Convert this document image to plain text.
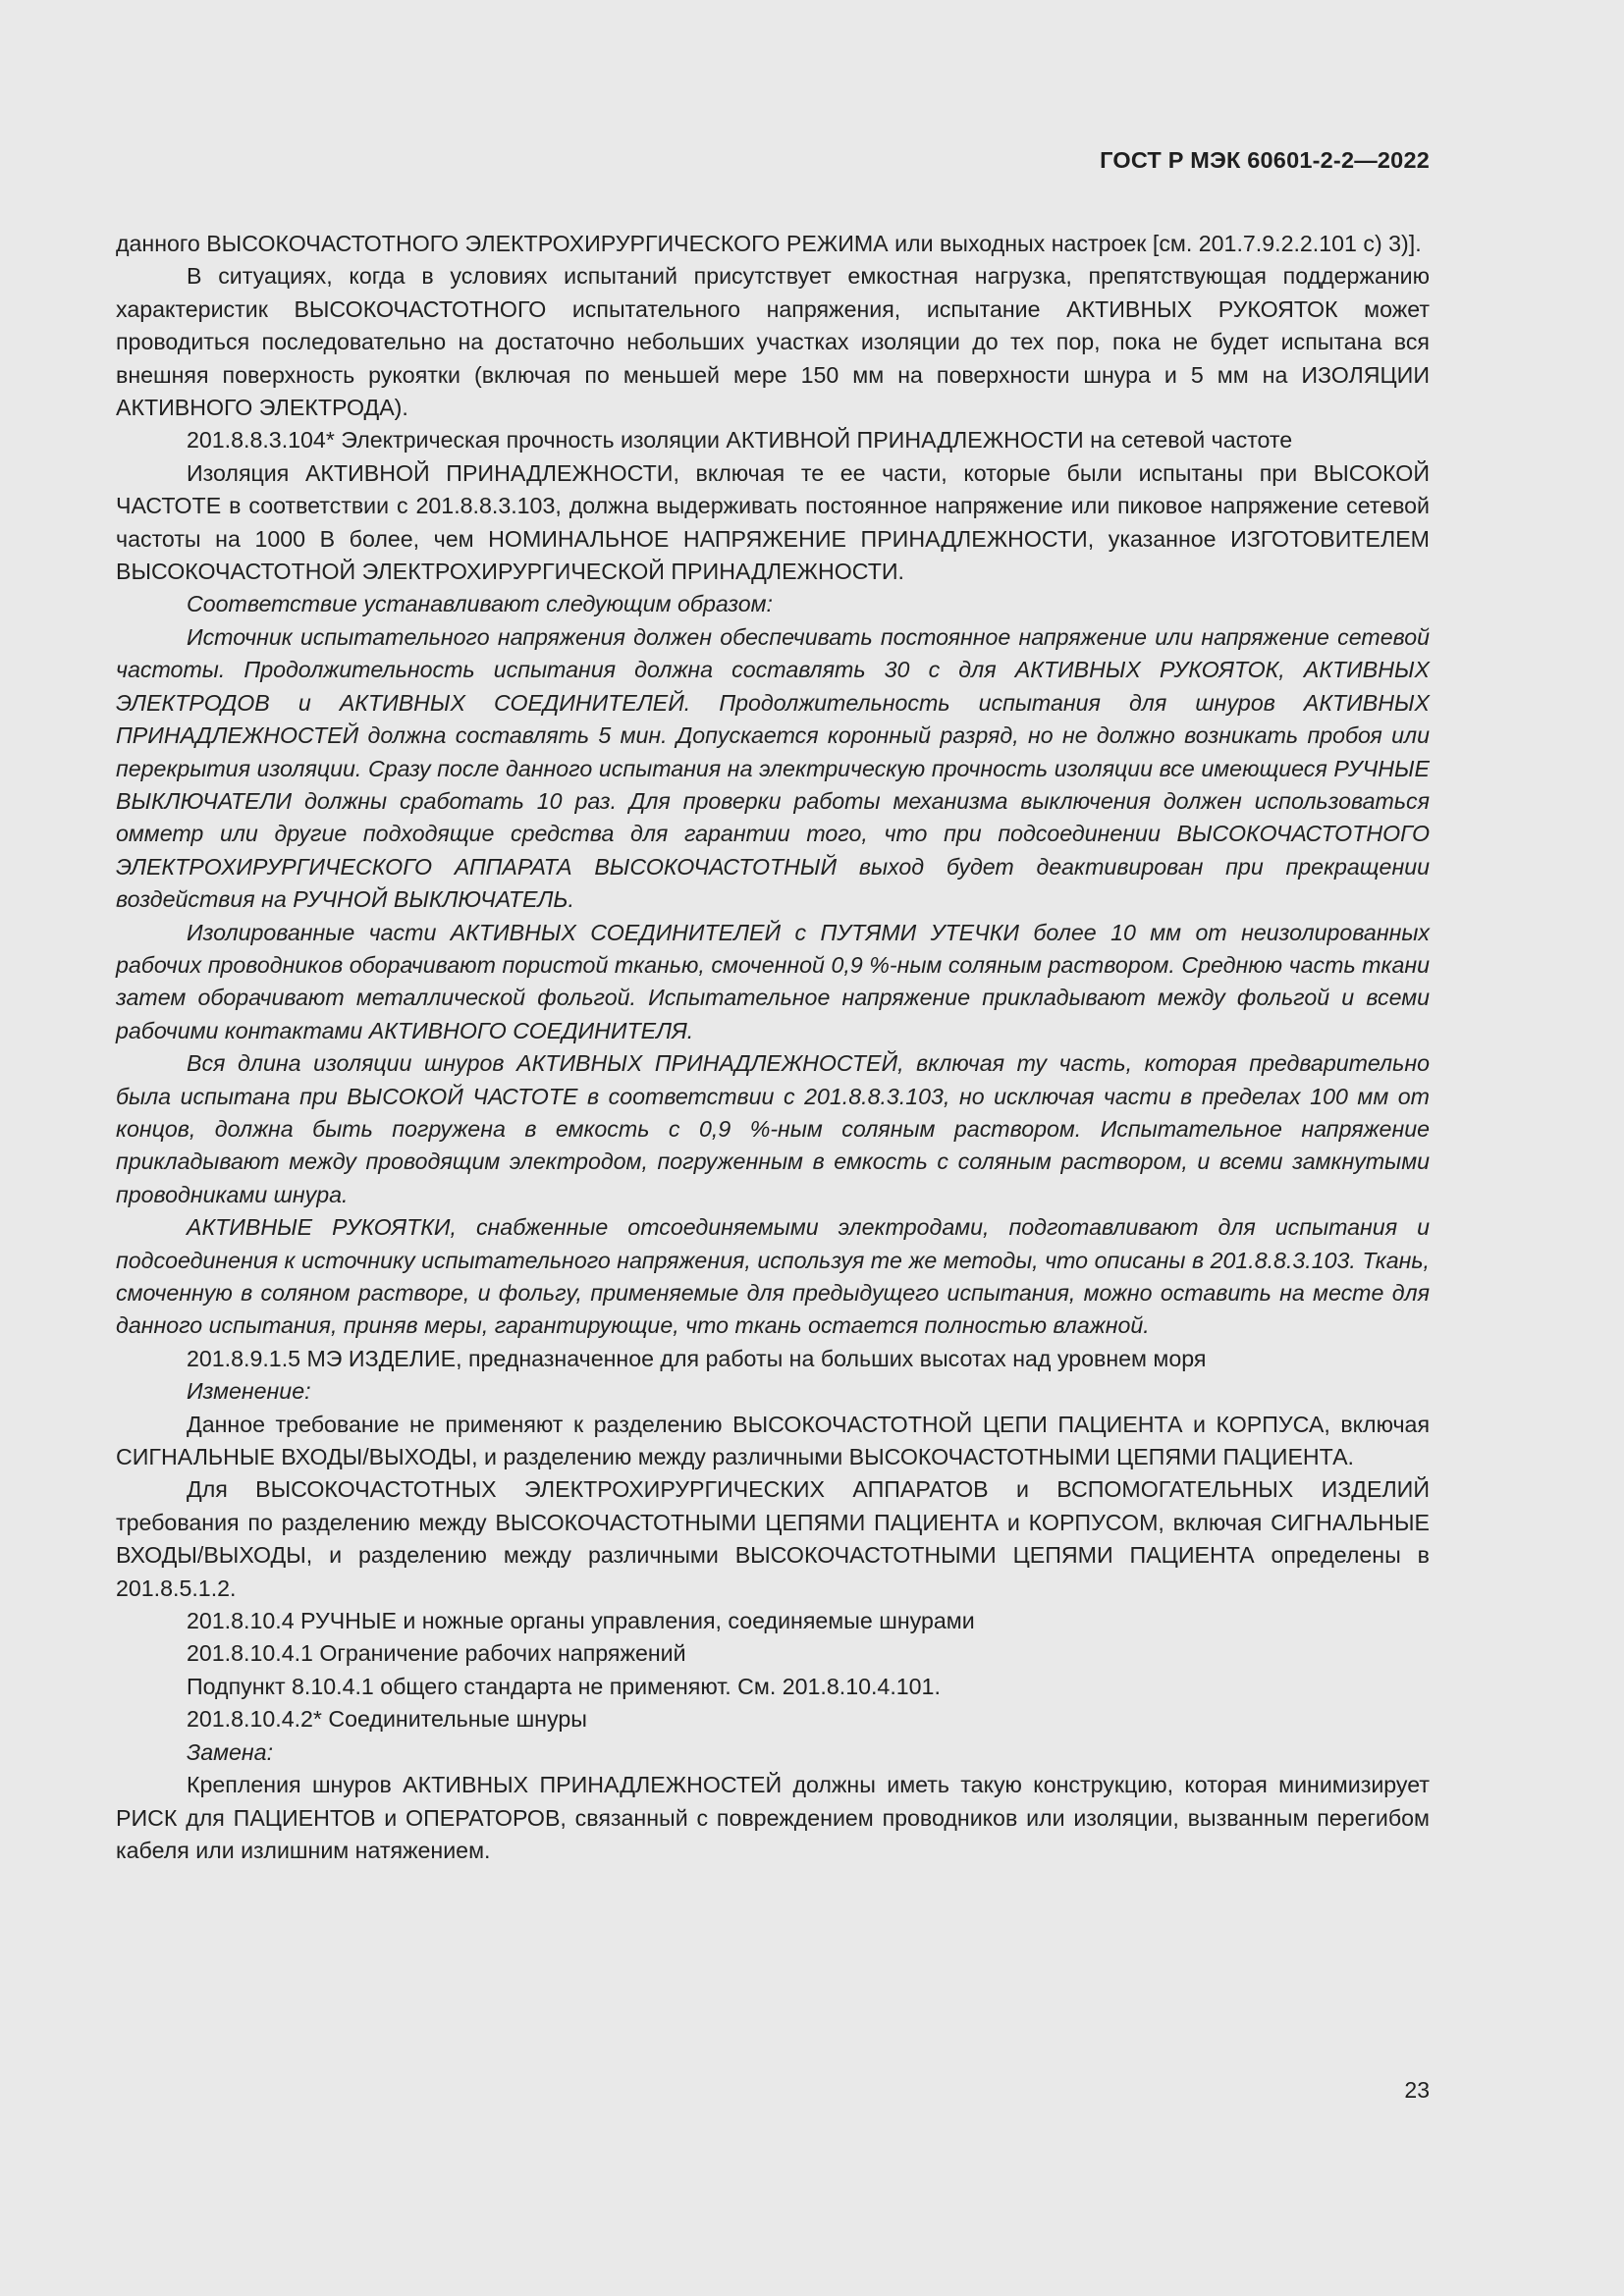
ГОСТ Р МЭК 60601-2-2—2022

данного ВЫСОКОЧАСТОТНОГО ЭЛЕКТРОХИРУРГИЧЕСКОГО РЕЖИМА или выходных настроек [см. 201.7.9.2.2.101 с) 3)].

В ситуациях, когда в условиях испытаний присутствует емкостная нагрузка, препятствующая поддержанию характеристик ВЫСОКОЧАСТОТНОГО испытательного напряжения, испытание АКТИВНЫХ РУКОЯТОК может проводиться последовательно на достаточно небольших участках изоляции до тех пор, пока не будет испытана вся внешняя поверхность рукоятки (включая по меньшей мере 150 мм на поверхности шнура и 5 мм на ИЗОЛЯЦИИ АКТИВНОГО ЭЛЕКТРОДА).

201.8.8.3.104* Электрическая прочность изоляции АКТИВНОЙ ПРИНАДЛЕЖНОСТИ на сетевой частоте

Изоляция АКТИВНОЙ ПРИНАДЛЕЖНОСТИ, включая те ее части, которые были испытаны при ВЫСОКОЙ ЧАСТОТЕ в соответствии с 201.8.8.3.103, должна выдерживать постоянное напряжение или пиковое напряжение сетевой частоты на 1000 В более, чем НОМИНАЛЬНОЕ НАПРЯЖЕНИЕ ПРИНАДЛЕЖНОСТИ, указанное ИЗГОТОВИТЕЛЕМ ВЫСОКОЧАСТОТНОЙ ЭЛЕКТРОХИРУРГИЧЕСКОЙ ПРИНАДЛЕЖНОСТИ.

Соответствие устанавливают следующим образом:

Источник испытательного напряжения должен обеспечивать постоянное напряжение или напряжение сетевой частоты. Продолжительность испытания должна составлять 30 с для АКТИВНЫХ РУКОЯТОК, АКТИВНЫХ ЭЛЕКТРОДОВ и АКТИВНЫХ СОЕДИНИТЕЛЕЙ. Продолжительность испытания для шнуров АКТИВНЫХ ПРИНАДЛЕЖНОСТЕЙ должна составлять 5 мин. Допускается коронный разряд, но не должно возникать пробоя или перекрытия изоляции. Сразу после данного испытания на электрическую прочность изоляции все имеющиеся РУЧНЫЕ ВЫКЛЮЧАТЕЛИ должны сработать 10 раз. Для проверки работы механизма выключения должен использоваться омметр или другие подходящие средства для гарантии того, что при подсоединении ВЫСОКОЧАСТОТНОГО ЭЛЕКТРОХИРУРГИЧЕСКОГО АППАРАТА ВЫСОКОЧАСТОТНЫЙ выход будет деактивирован при прекращении воздействия на РУЧНОЙ ВЫКЛЮЧАТЕЛЬ.

Изолированные части АКТИВНЫХ СОЕДИНИТЕЛЕЙ с ПУТЯМИ УТЕЧКИ более 10 мм от неизолированных рабочих проводников оборачивают пористой тканью, смоченной 0,9 %-ным соляным раствором. Среднюю часть ткани затем оборачивают металлической фольгой. Испытательное напряжение прикладывают между фольгой и всеми рабочими контактами АКТИВНОГО СОЕДИНИТЕЛЯ.

Вся длина изоляции шнуров АКТИВНЫХ ПРИНАДЛЕЖНОСТЕЙ, включая ту часть, которая предварительно была испытана при ВЫСОКОЙ ЧАСТОТЕ в соответствии с 201.8.8.3.103, но исключая части в пределах 100 мм от концов, должна быть погружена в емкость с 0,9 %-ным соляным раствором. Испытательное напряжение прикладывают между проводящим электродом, погруженным в емкость с соляным раствором, и всеми замкнутыми проводниками шнура.

АКТИВНЫЕ РУКОЯТКИ, снабженные отсоединяемыми электродами, подготавливают для испытания и подсоединения к источнику испытательного напряжения, используя те же методы, что описаны в 201.8.8.3.103. Ткань, смоченную в соляном растворе, и фольгу, применяемые для предыдущего испытания, можно оставить на месте для данного испытания, приняв меры, гарантирующие, что ткань остается полностью влажной.

201.8.9.1.5 МЭ ИЗДЕЛИЕ, предназначенное для работы на больших высотах над уровнем моря

Изменение:

Данное требование не применяют к разделению ВЫСОКОЧАСТОТНОЙ ЦЕПИ ПАЦИЕНТА и КОРПУСА, включая СИГНАЛЬНЫЕ ВХОДЫ/ВЫХОДЫ, и разделению между различными ВЫСОКОЧАСТОТНЫМИ ЦЕПЯМИ ПАЦИЕНТА.

Для ВЫСОКОЧАСТОТНЫХ ЭЛЕКТРОХИРУРГИЧЕСКИХ АППАРАТОВ и ВСПОМОГАТЕЛЬНЫХ ИЗДЕЛИЙ требования по разделению между ВЫСОКОЧАСТОТНЫМИ ЦЕПЯМИ ПАЦИЕНТА и КОРПУСОМ, включая СИГНАЛЬНЫЕ ВХОДЫ/ВЫХОДЫ, и разделению между различными ВЫСОКОЧАСТОТНЫМИ ЦЕПЯМИ ПАЦИЕНТА определены в 201.8.5.1.2.

201.8.10.4 РУЧНЫЕ и ножные органы управления, соединяемые шнурами

201.8.10.4.1 Ограничение рабочих напряжений

Подпункт 8.10.4.1 общего стандарта не применяют. См. 201.8.10.4.101.

201.8.10.4.2* Соединительные шнуры

Замена:

Крепления шнуров АКТИВНЫХ ПРИНАДЛЕЖНОСТЕЙ должны иметь такую конструкцию, которая минимизирует РИСК для ПАЦИЕНТОВ и ОПЕРАТОРОВ, связанный с повреждением проводников или изоляции, вызванным перегибом кабеля или излишним натяжением.

23
